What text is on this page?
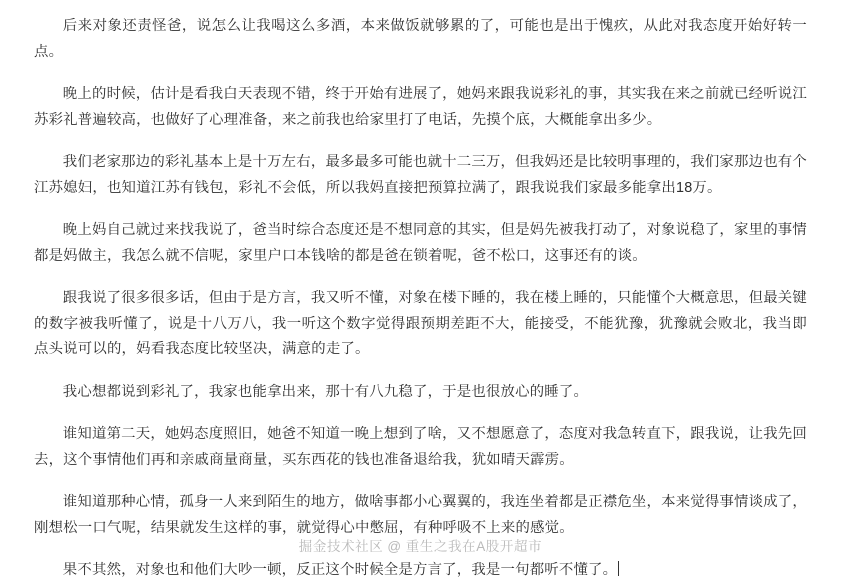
后来对象还责怪爸，说怎么让我喝这么多酒，本来做饭就够累的了，可能也是出于愧疚，从此对我态度开始好转一点。

晚上的时候，估计是看我白天表现不错，终于开始有进展了，她妈来跟我说彩礼的事，其实我在来之前就已经听说江苏彩礼普遍较高，也做好了心理准备，来之前我也给家里打了电话，先摸个底，大概能拿出多少。

我们老家那边的彩礼基本上是十万左右，最多最多可能也就十二三万，但我妈还是比较明事理的，我们家那边也有个江苏媳妇，也知道江苏有钱包，彩礼不会低，所以我妈直接把预算拉满了，跟我说我们家最多能拿出18万。

晚上妈自己就过来找我说了，爸当时综合态度还是不想同意的其实，但是妈先被我打动了，对象说稳了，家里的事情都是妈做主，我怎么就不信呢，家里户口本钱啥的都是爸在锁着呢，爸不松口，这事还有的谈。

跟我说了很多很多话，但由于是方言，我又听不懂，对象在楼下睡的，我在楼上睡的，只能懂个大概意思，但最关键的数字被我听懂了，说是十八万八，我一听这个数字觉得跟预期差距不大，能接受，不能犹豫，犹豫就会败北，我当即点头说可以的，妈看我态度比较坚决，满意的走了。

我心想都说到彩礼了，我家也能拿出来，那十有八九稳了，于是也很放心的睡了。

谁知道第二天，她妈态度照旧，她爸不知道一晚上想到了啥，又不想愿意了，态度对我急转直下，跟我说，让我先回去，这个事情他们再和亲戚商量商量，买东西花的钱也准备退给我，犹如晴天霹雳。

谁知道那种心情，孤身一人来到陌生的地方，做啥事都小心翼翼的，我连坐着都是正襟危坐，本来觉得事情谈成了，刚想松一口气呢，结果就发生这样的事，就觉得心中憋屈，有种呼吸不上来的感觉。

果不其然，对象也和他们大吵一顿，反正这个时候全是方言了，我是一句都听不懂了。

掘金技术社区 @ 重生之我在A股开超市
